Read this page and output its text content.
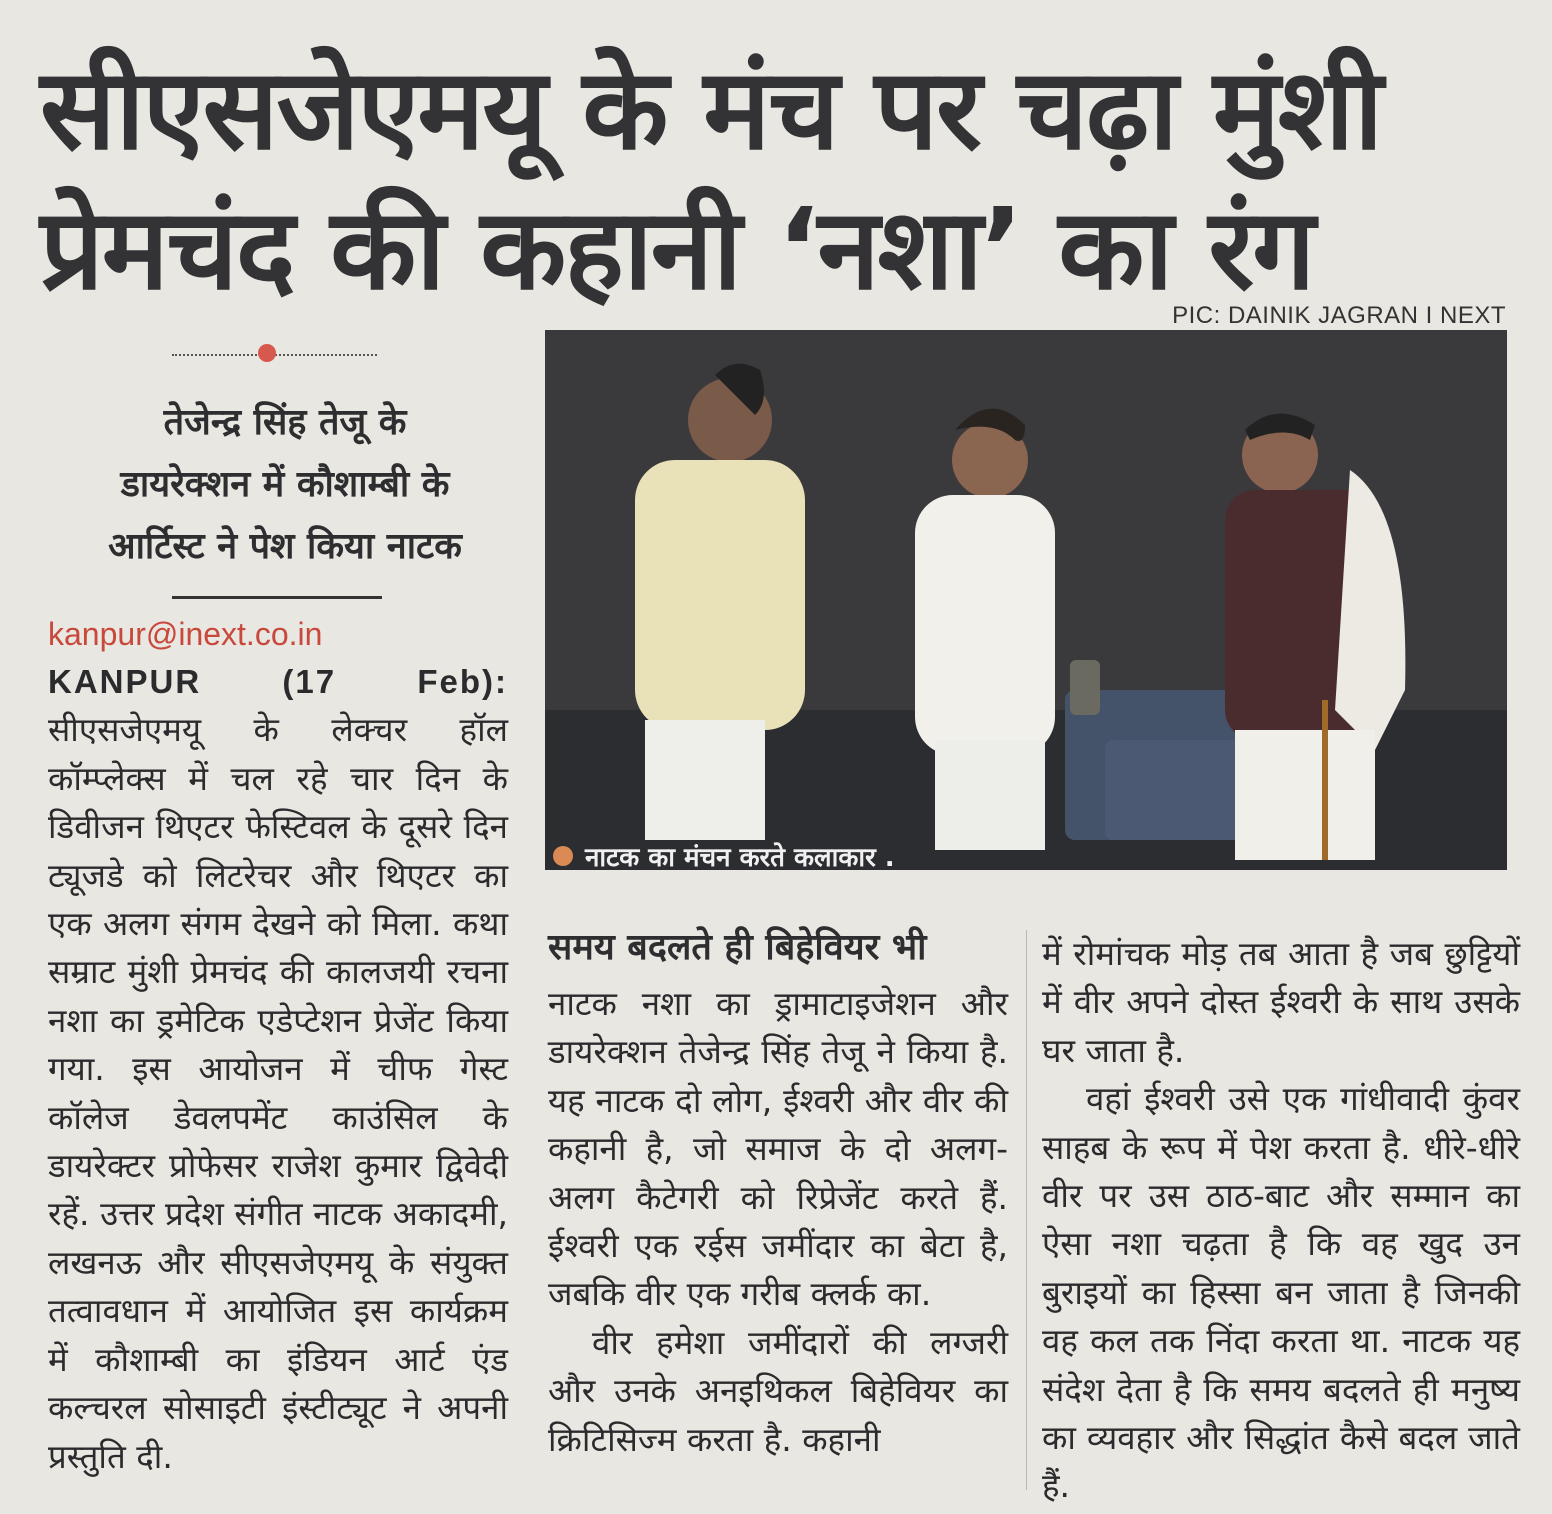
सीएसजेएमयू के मंच पर चढ़ा मुंशी
प्रेमचंद की कहानी ‘नशा’ का रंग
PIC: DAINIK JAGRAN I NEXT
तेजेन्द्र सिंह तेजू के
डायरेक्शन में कौशाम्बी के
आर्टिस्ट ने पेश किया नाटक
kanpur@inext.co.in
नाटक का मंचन करते कलाकार .

KANPUR (17 Feb):

सीएसजेएमयू के लेक्चर हॉल कॉम्प्लेक्स में चल रहे चार दिन के डिवीजन थिएटर फेस्टिवल के दूसरे दिन ट्यूजडे को लिटरेचर और थिएटर का एक अलग संगम देखने को मिला. कथा सम्राट मुंशी प्रेमचंद की कालजयी रचना नशा का ड्रमेटिक एडेप्टेशन प्रेजेंट किया गया. इस आयोजन में चीफ गेस्ट कॉलेज डेवलपमेंट काउंसिल के डायरेक्टर प्रोफेसर राजेश कुमार द्विवेदी रहें. उत्तर प्रदेश संगीत नाटक अकादमी, लखनऊ और सीएसजेएमयू के संयुक्त तत्वावधान में आयोजित इस कार्यक्रम में कौशाम्बी का इंडियन आर्ट एंड कल्चरल सोसाइटी इंस्टीट्यूट ने अपनी प्रस्तुति दी.

समय बदलते ही बिहेवियर भी

नाटक नशा का ड्रामाटाइजेशन और डायरेक्शन तेजेन्द्र सिंह तेजू ने किया है. यह नाटक दो लोग, ईश्वरी और वीर की कहानी है, जो समाज के दो अलग-अलग कैटेगरी को रिप्रेजेंट करते हैं. ईश्वरी एक रईस जमींदार का बेटा है, जबकि वीर एक गरीब क्लर्क का.

वीर हमेशा जमींदारों की लग्जरी और उनके अनइथिकल बिहेवियर का क्रिटिसिज्म करता है. कहानी

में रोमांचक मोड़ तब आता है जब छुट्टियों में वीर अपने दोस्त ईश्वरी के साथ उसके घर जाता है.

वहां ईश्वरी उसे एक गांधीवादी कुंवर साहब के रूप में पेश करता है. धीरे-धीरे वीर पर उस ठाठ-बाट और सम्मान का ऐसा नशा चढ़ता है कि वह खुद उन बुराइयों का हिस्सा बन जाता है जिनकी वह कल तक निंदा करता था. नाटक यह संदेश देता है कि समय बदलते ही मनुष्य का व्यवहार और सिद्धांत कैसे बदल जाते हैं.
